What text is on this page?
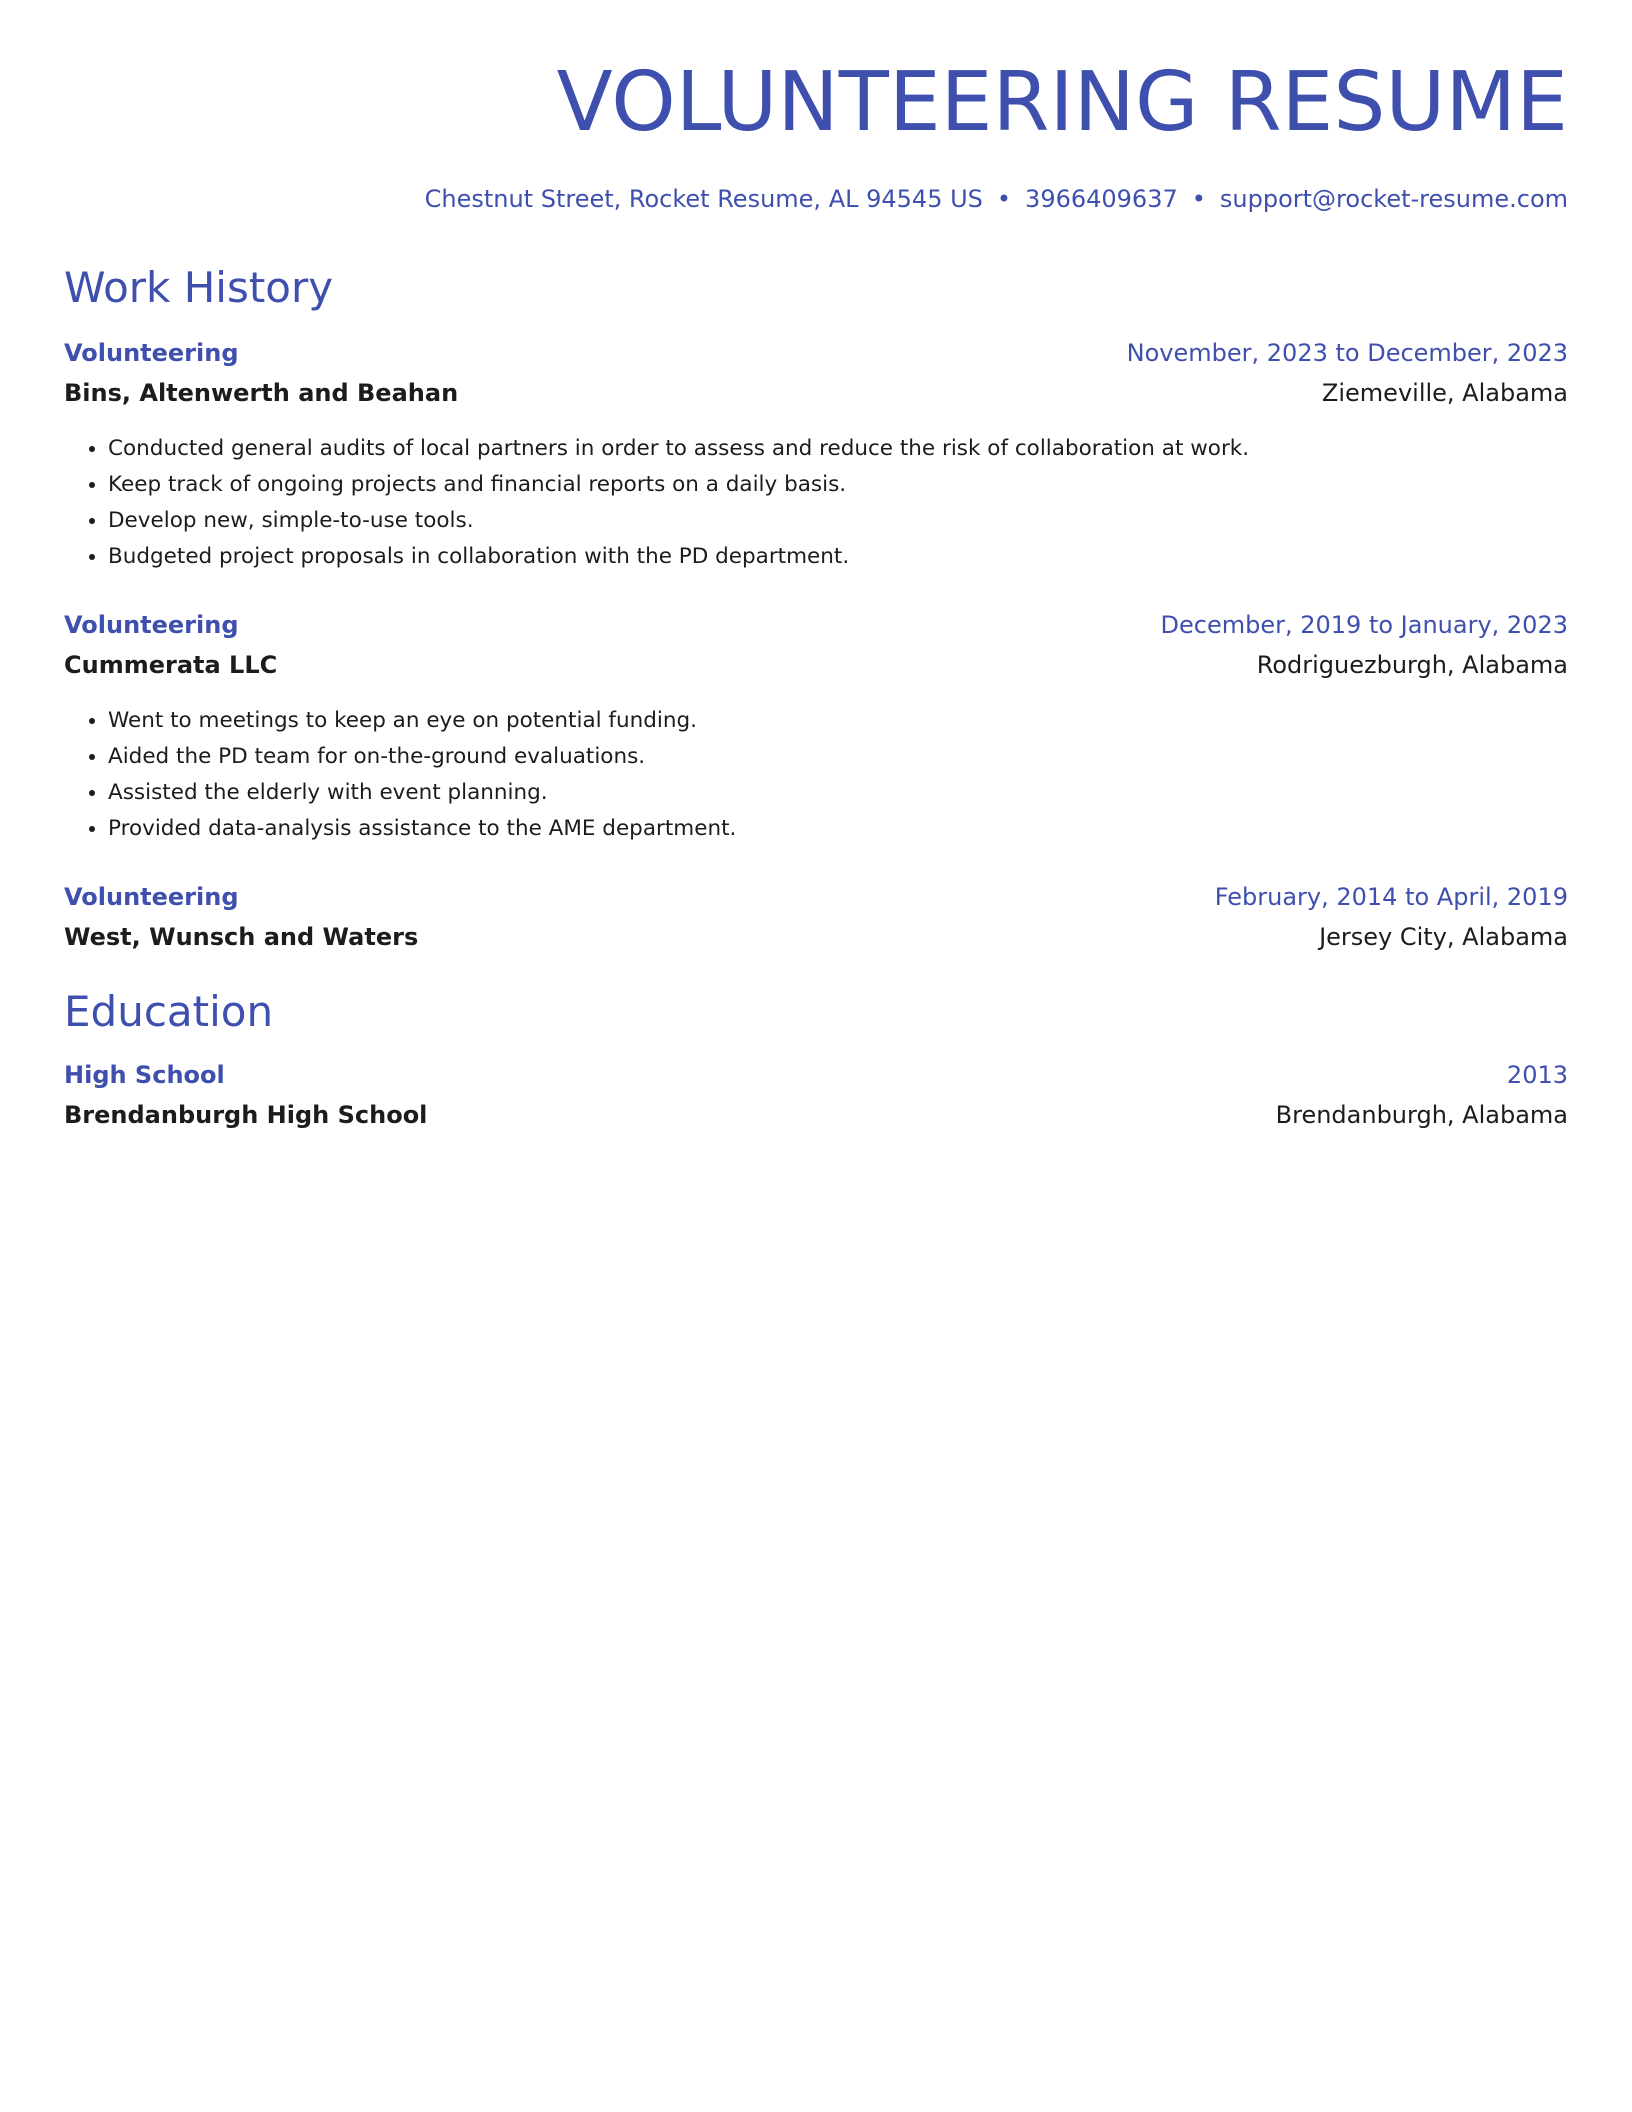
VOLUNTEERING RESUME
Chestnut Street, Rocket Resume, AL 94545 US • 3966409637 • support@rocket-resume.com
Work History
Volunteering	November, 2023 to December, 2023
Bins, Altenwerth and Beahan	Ziemeville, Alabama
• Conducted general audits of local partners in order to assess and reduce the risk of collaboration at work.
• Keep track of ongoing projects and financial reports on a daily basis.
• Develop new, simple-to-use tools.
• Budgeted project proposals in collaboration with the PD department.
Volunteering	December, 2019 to January, 2023
Cummerata LLC	Rodriguezburgh, Alabama
• Went to meetings to keep an eye on potential funding.
• Aided the PD team for on-the-ground evaluations.
• Assisted the elderly with event planning.
• Provided data-analysis assistance to the AME department.
Volunteering	February, 2014 to April, 2019
West, Wunsch and Waters	Jersey City, Alabama
Education
High School	2013
Brendanburgh High School	Brendanburgh, Alabama
